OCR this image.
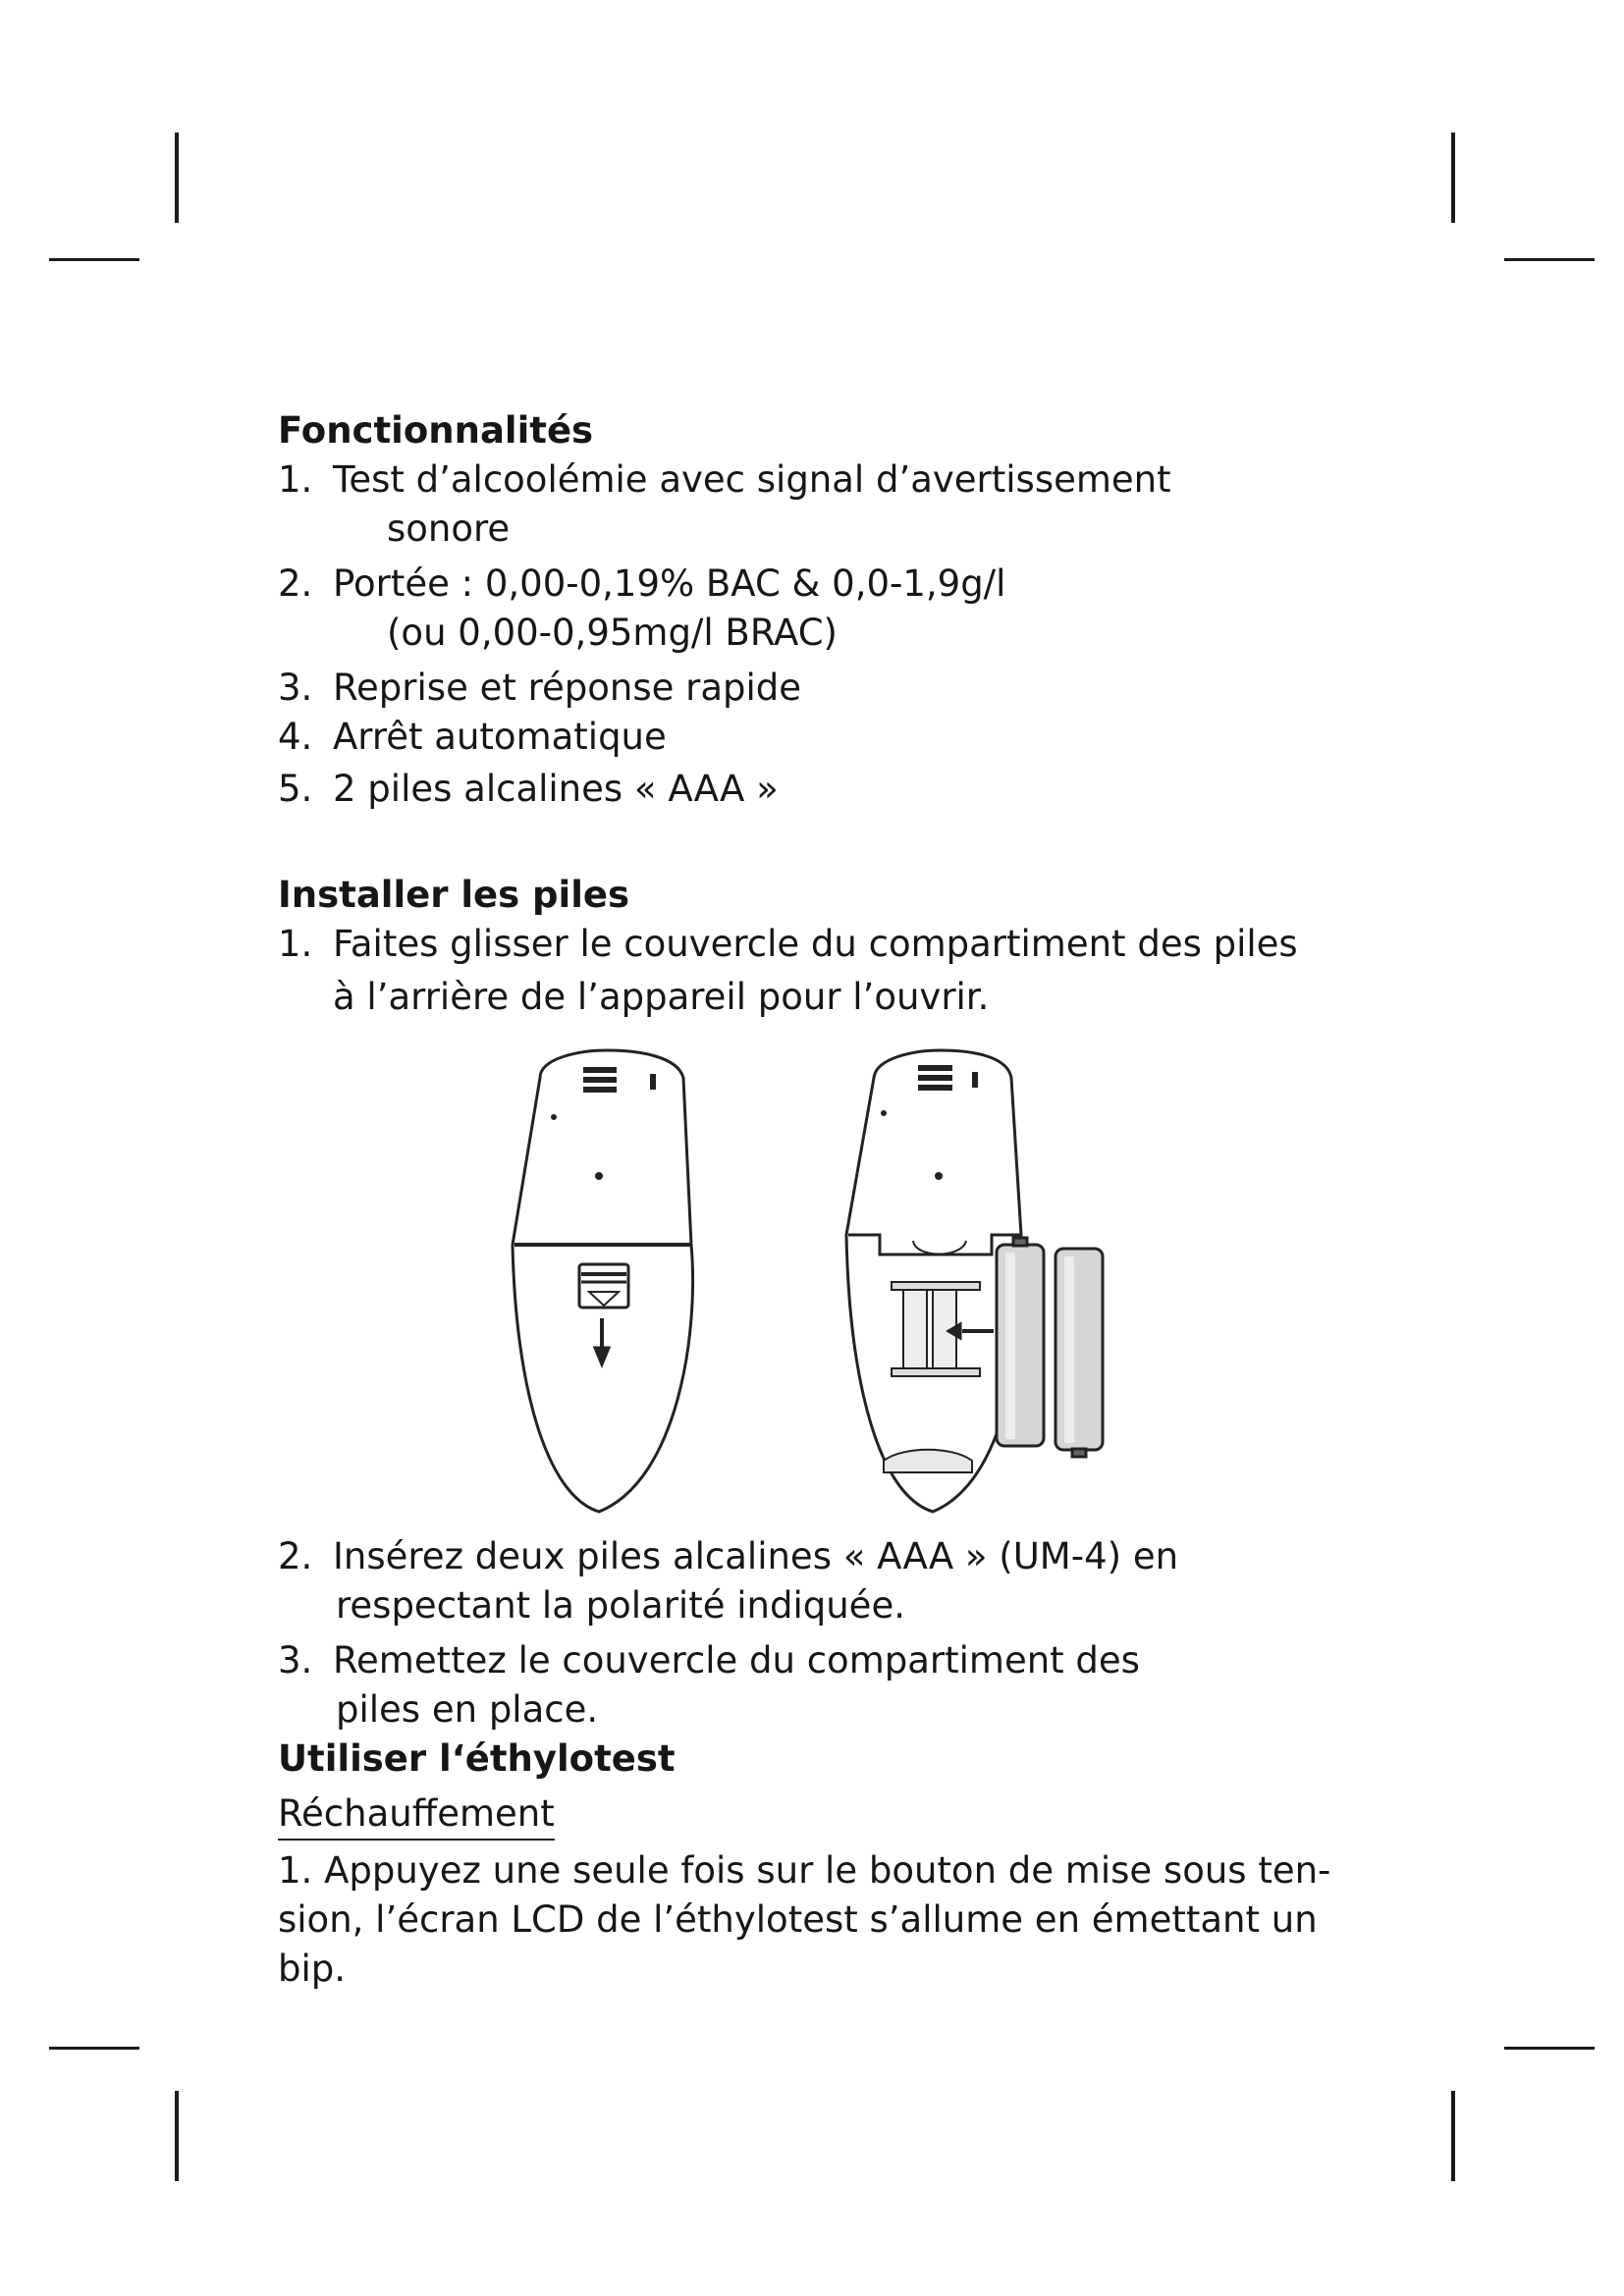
Fonctionnalités
1. Test d’alcoolémie avec signal d’avertissement
sonore
2. Portée : 0,00-0,19% BAC & 0,0-1,9g/l
(ou 0,00-0,95mg/l BRAC)
3. Reprise et réponse rapide
4. Arrêt automatique
5. 2 piles alcalines « AAA »
Installer les piles
1. Faites glisser le couvercle du compartiment des piles
à l’arrière de l’appareil pour l’ouvrir.
2. Insérez deux piles alcalines « AAA » (UM-4) en
respectant la polarité indiquée.
3. Remettez le couvercle du compartiment des
piles en place.
Utiliser l‘éthylotest
Réchauffement

1. Appuyez une seule fois sur le bouton de mise sous ten-
sion, l’écran LCD de l’éthylotest s’allume en émettant un bip.
